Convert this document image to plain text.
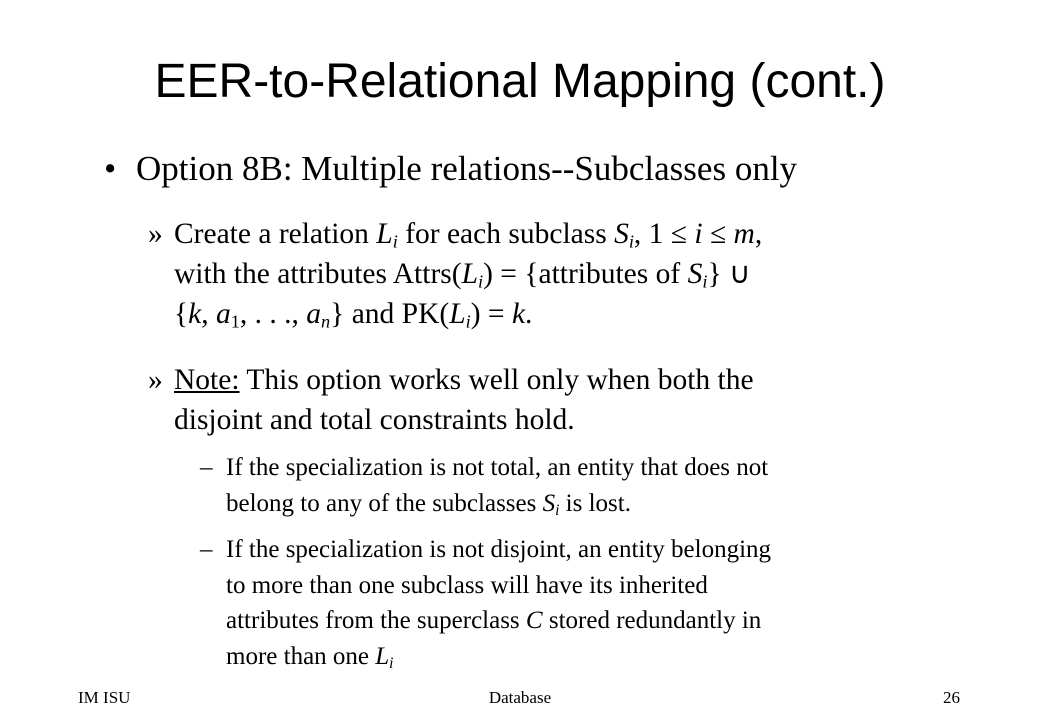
EER-to-Relational Mapping (cont.)
• Option 8B: Multiple relations--Subclasses only
» Create a relation $L_i$ for each subclass $S_i$, 1 ≤ i ≤ m,
with the attributes $Attrs(L_i)$ = {attributes of $S_i$} ∪
{k, $a_1$, . . ., $a_n$} and $PK(L_i) = k$.
» Note: This option works well only when both the
disjoint and total constraints hold.
– If the specialization is not total, an entity that does not
belong to any of the subclasses $S_i$ is lost.
– If the specialization is not disjoint, an entity belonging
to more than one subclass will have its inherited
attributes from the superclass C stored redundantly in
more than one $L_i$
IM ISU	Database	26
